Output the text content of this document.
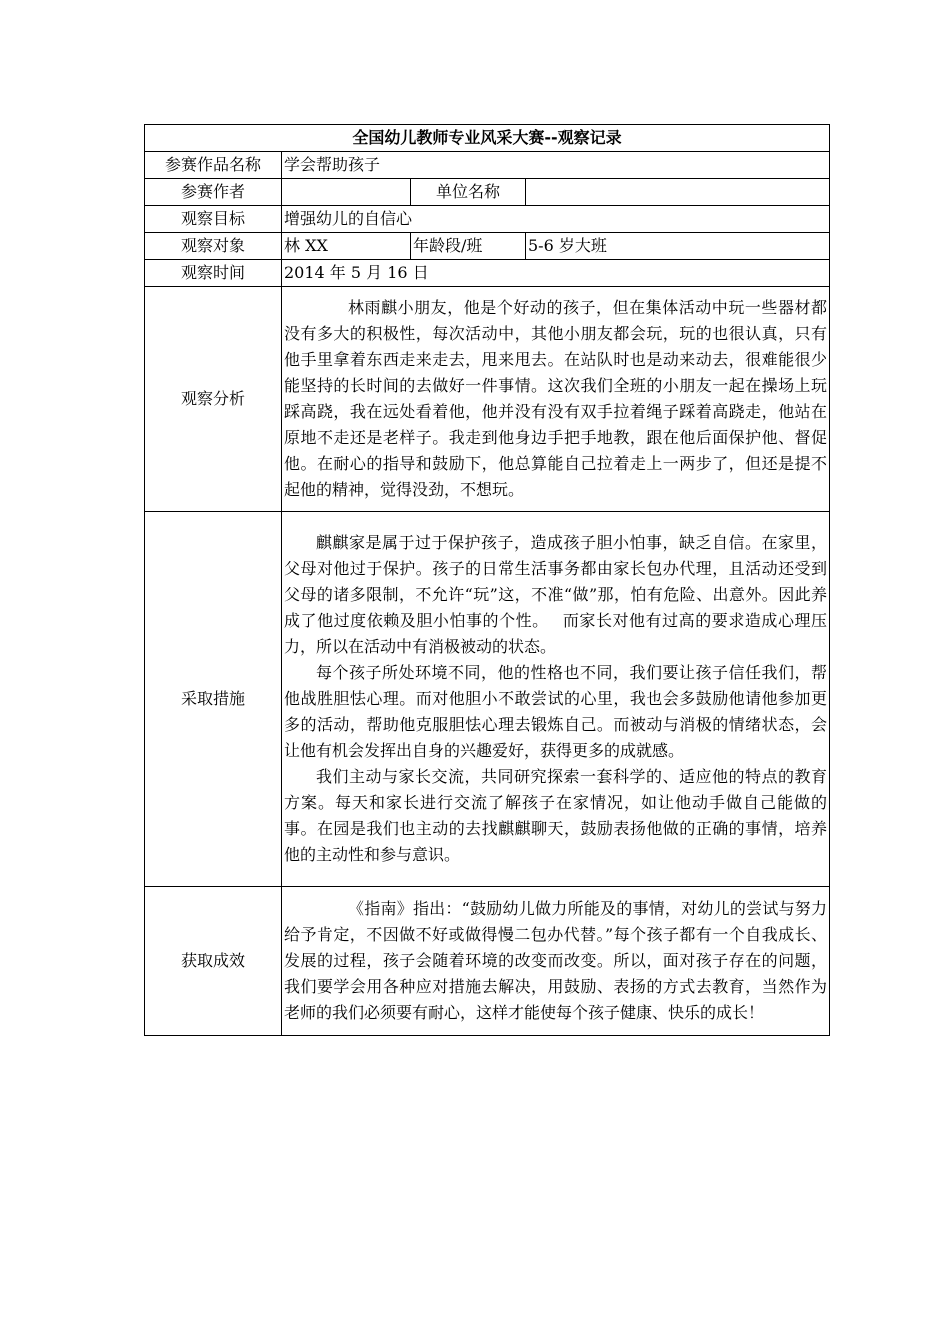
全国幼儿教师专业风采大赛--观察记录			
参赛作品名称	学会帮助孩子		
参赛作者		单位名称	
观察目标	增强幼儿的自信心		
观察对象	林 XX	年龄段/班	5-6 岁大班
观察时间	2014 年 5 月 16 日		
观察分析	林雨麒小朋友，他是个好动的孩子，但在集体活动中玩一些器材都没有多大的积极性，每次活动中，其他小朋友都会玩，玩的也很认真，只有他手里拿着东西走来走去，甩来甩去。在站队时也是动来动去，很难能很少能坚持的长时间的去做好一件事情。这次我们全班的小朋友一起在操场上玩踩高跷，我在远处看着他，他并没有没有双手拉着绳子踩着高跷走，他站在原地不走还是老样子。我走到他身边手把手地教，跟在他后面保护他、督促他。在耐心的指导和鼓励下，他总算能自己拉着走上一两步了，但还是提不起他的精神，觉得没劲，不想玩。		

采取措施	麒麒家是属于过于保护孩子，造成孩子胆小怕事，缺乏自信。在家里，父母对他过于保护。孩子的日常生活事务都由家长包办代理，且活动还受到父母的诸多限制，不允许“玩”这，不准“做”那，怕有危险、出意外。因此养成了他过度依赖及胆小怕事的个性。　 而家长对他有过高的要求造成心理压力，所以在活动中有消极被动的状态。

每个孩子所处环境不同，他的性格也不同，我们要让孩子信任我们，帮他战胜胆怯心理。而对他胆小不敢尝试的心里，我也会多鼓励他请他参加更多的活动，帮助他克服胆怯心理去锻炼自己。而被动与消极的情绪状态，会让他有机会发挥出自身的兴趣爱好，获得更多的成就感。

我们主动与家长交流，共同研究探索一套科学的、适应他的特点的教育方案。每天和家长进行交流了解孩子在家情况，如让他动手做自己能做的事。在园是我们也主动的去找麒麒聊天，鼓励表扬他做的正确的事情，培养他的主动性和参与意识。		

获取成效	《指南》指出：“鼓励幼儿做力所能及的事情，对幼儿的尝试与努力给予肯定，不因做不好或做得慢二包办代替。”每个孩子都有一个自我成长、发展的过程，孩子会随着环境的改变而改变。所以，面对孩子存在的问题，我们要学会用各种应对措施去解决，用鼓励、表扬的方式去教育，当然作为老师的我们必须要有耐心，这样才能使每个孩子健康、快乐的成长！		
